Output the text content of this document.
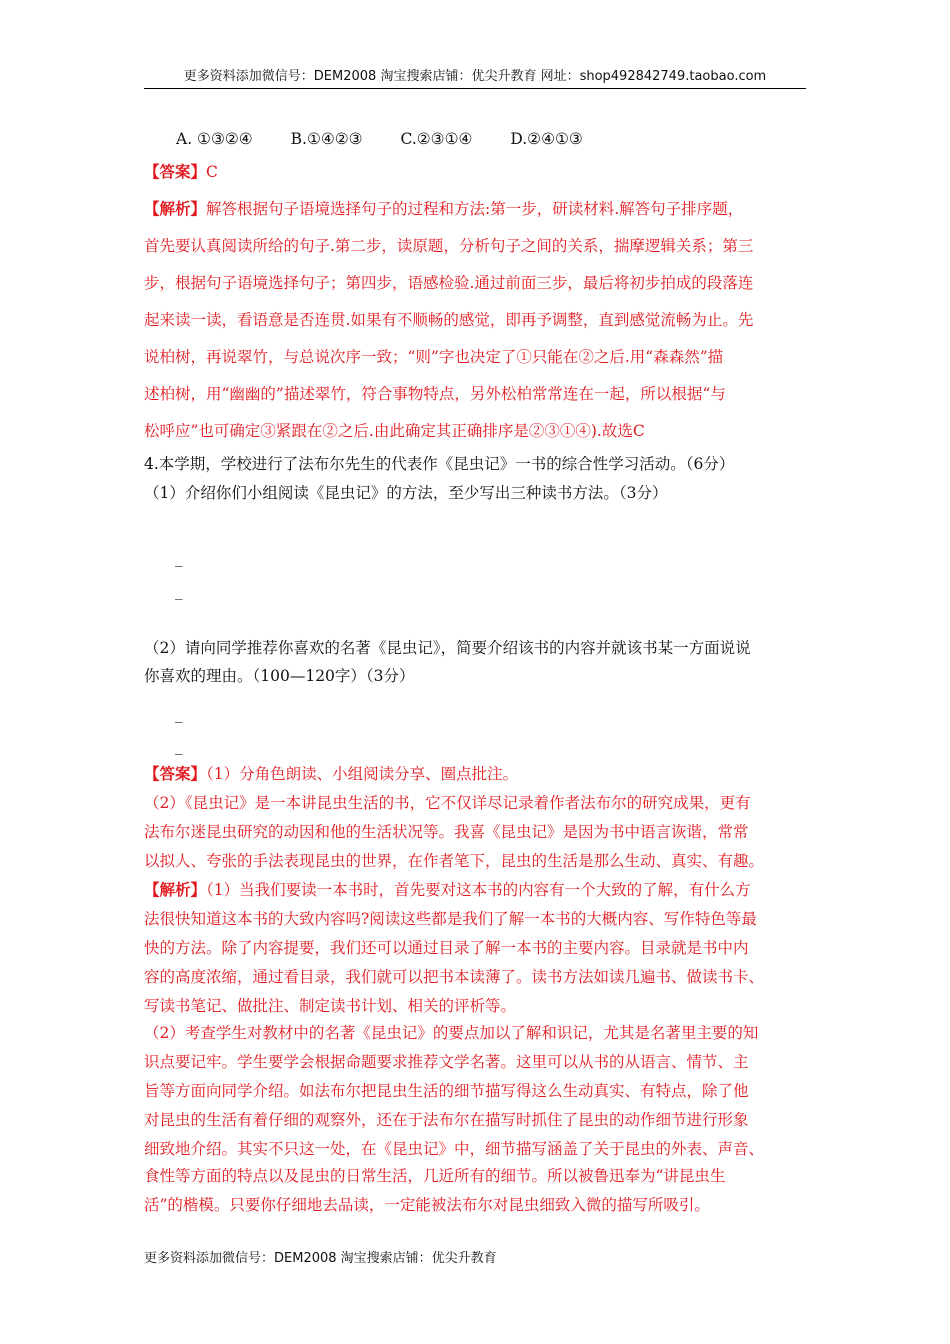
更多资料添加微信号：DEM2008 淘宝搜索店铺：优尖升教育 网址：shop492842749.taobao.com
A. ①③②④ B.①④②③ C.②③①④ D.②④①③
【答案】C
【解析】解答根据句子语境选择句子的过程和方法:第一步，研读材料.解答句子排序题，
首先要认真阅读所给的句子.第二步，读原题，分析句子之间的关系，揣摩逻辑关系；第三
步，根据句子语境选择句子；第四步，语感检验.通过前面三步，最后将初步拍成的段落连
起来读一读，看语意是否连贯.如果有不顺畅的感觉，即再予调整，直到感觉流畅为止。先
说柏树，再说翠竹，与总说次序一致；“则”字也决定了①只能在②之后.用“森森然”描
述柏树，用“幽幽的”描述翠竹，符合事物特点，另外松柏常常连在一起，所以根据“与
松呼应”也可确定③紧跟在②之后.由此确定其正确排序是②③①④).故选C
4.本学期，学校进行了法布尔先生的代表作《昆虫记》一书的综合性学习活动。（6分）
（1）介绍你们小组阅读《昆虫记》的方法，至少写出三种读书方法。（3分）
_
_
（2）请向同学推荐你喜欢的名著《昆虫记》，简要介绍该书的内容并就该书某一方面说说
你喜欢的理由。（100—120字）（3分）
_
_
【答案】（1）分角色朗读、小组阅读分享、圈点批注。
（2）《昆虫记》是一本讲昆虫生活的书，它不仅详尽记录着作者法布尔的研究成果，更有
法布尔迷昆虫研究的动因和他的生活状况等。我喜《昆虫记》是因为书中语言诙谐，常常
以拟人、夸张的手法表现昆虫的世界，在作者笔下，昆虫的生活是那么生动、真实、有趣。
【解析】（1）当我们要读一本书时，首先要对这本书的内容有一个大致的了解，有什么方
法很快知道这本书的大致内容吗?阅读这些都是我们了解一本书的大概内容、写作特色等最
快的方法。除了内容提要，我们还可以通过目录了解一本书的主要内容。目录就是书中内
容的高度浓缩，通过看目录，我们就可以把书本读薄了。读书方法如读几遍书、做读书卡、
写读书笔记、做批注、制定读书计划、相关的评析等。
（2）考查学生对教材中的名著《昆虫记》的要点加以了解和识记，尤其是名著里主要的知
识点要记牢。学生要学会根据命题要求推荐文学名著。这里可以从书的从语言、情节、主
旨等方面向同学介绍。如法布尔把昆虫生活的细节描写得这么生动真实、有特点，除了他
对昆虫的生活有着仔细的观察外，还在于法布尔在描写时抓住了昆虫的动作细节进行形象
细致地介绍。其实不只这一处，在《昆虫记》中，细节描写涵盖了关于昆虫的外表、声音、
食性等方面的特点以及昆虫的日常生活，几近所有的细节。所以被鲁迅奉为“讲昆虫生
活”的楷模。只要你仔细地去品读，一定能被法布尔对昆虫细致入微的描写所吸引。
更多资料添加微信号：DEM2008 淘宝搜索店铺：优尖升教育
